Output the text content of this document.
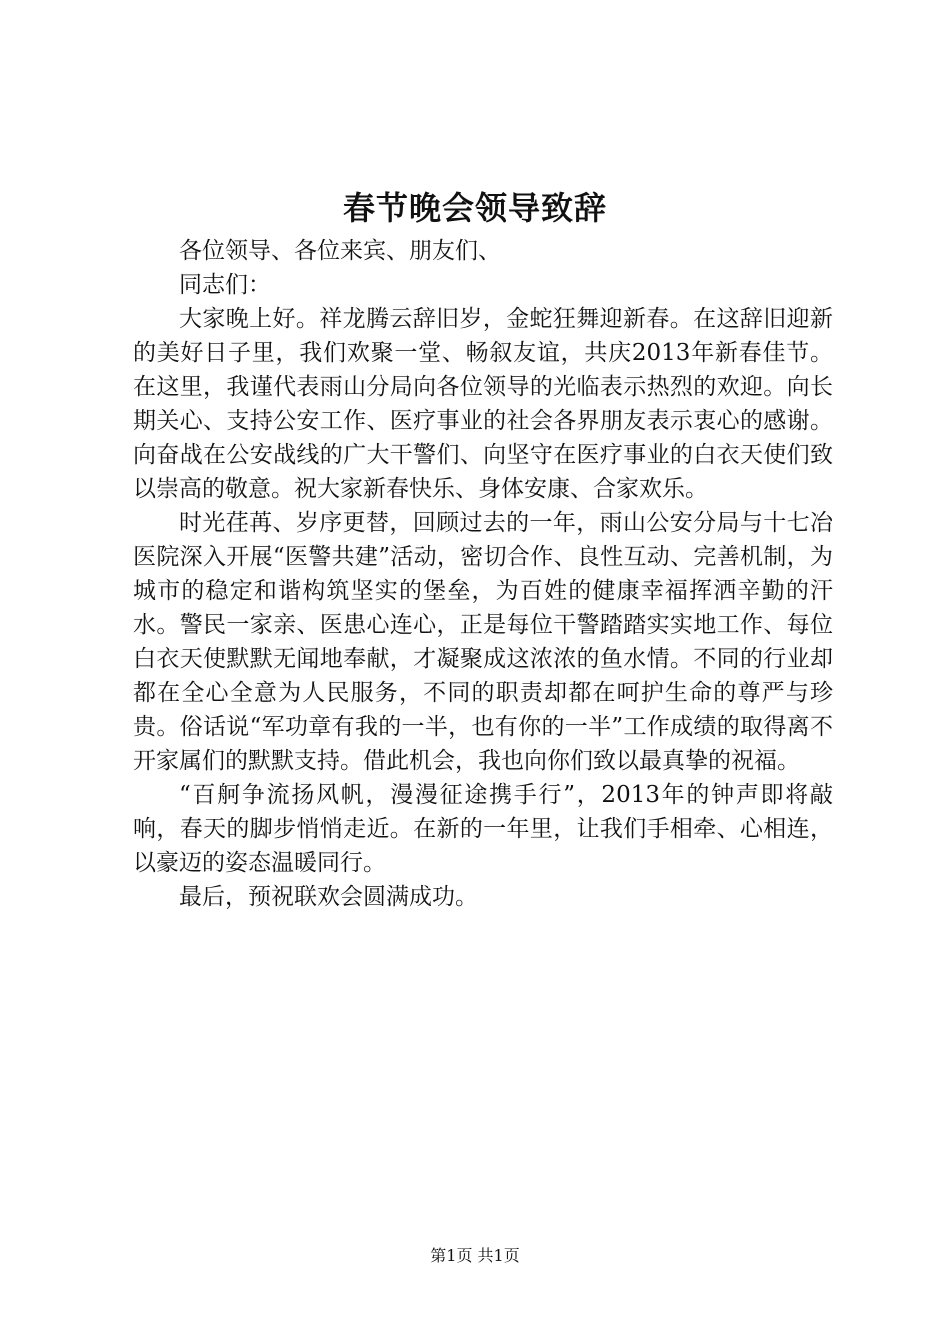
春节晚会领导致辞

各位领导、各位来宾、朋友们、

同志们：

大家晚上好。祥龙腾云辞旧岁，金蛇狂舞迎新春。在这辞旧迎新的美好日子里，我们欢聚一堂、畅叙友谊，共庆2013年新春佳节。在这里，我谨代表雨山分局向各位领导的光临表示热烈的欢迎。向长期关心、支持公安工作、医疗事业的社会各界朋友表示衷心的感谢。向奋战在公安战线的广大干警们、向坚守在医疗事业的白衣天使们致以崇高的敬意。祝大家新春快乐、身体安康、合家欢乐。

时光荏苒、岁序更替，回顾过去的一年，雨山公安分局与十七冶医院深入开展“医警共建”活动，密切合作、良性互动、完善机制，为城市的稳定和谐构筑坚实的堡垒，为百姓的健康幸福挥洒辛勤的汗水。警民一家亲、医患心连心，正是每位干警踏踏实实地工作、每位白衣天使默默无闻地奉献，才凝聚成这浓浓的鱼水情。不同的行业却都在全心全意为人民服务，不同的职责却都在呵护生命的尊严与珍贵。俗话说“军功章有我的一半，也有你的一半”工作成绩的取得离不开家属们的默默支持。借此机会，我也向你们致以最真挚的祝福。

“百舸争流扬风帆，漫漫征途携手行”，2013年的钟声即将敲响，春天的脚步悄悄走近。在新的一年里，让我们手相牵、心相连，以豪迈的姿态温暖同行。

最后，预祝联欢会圆满成功。

第1页 共1页
